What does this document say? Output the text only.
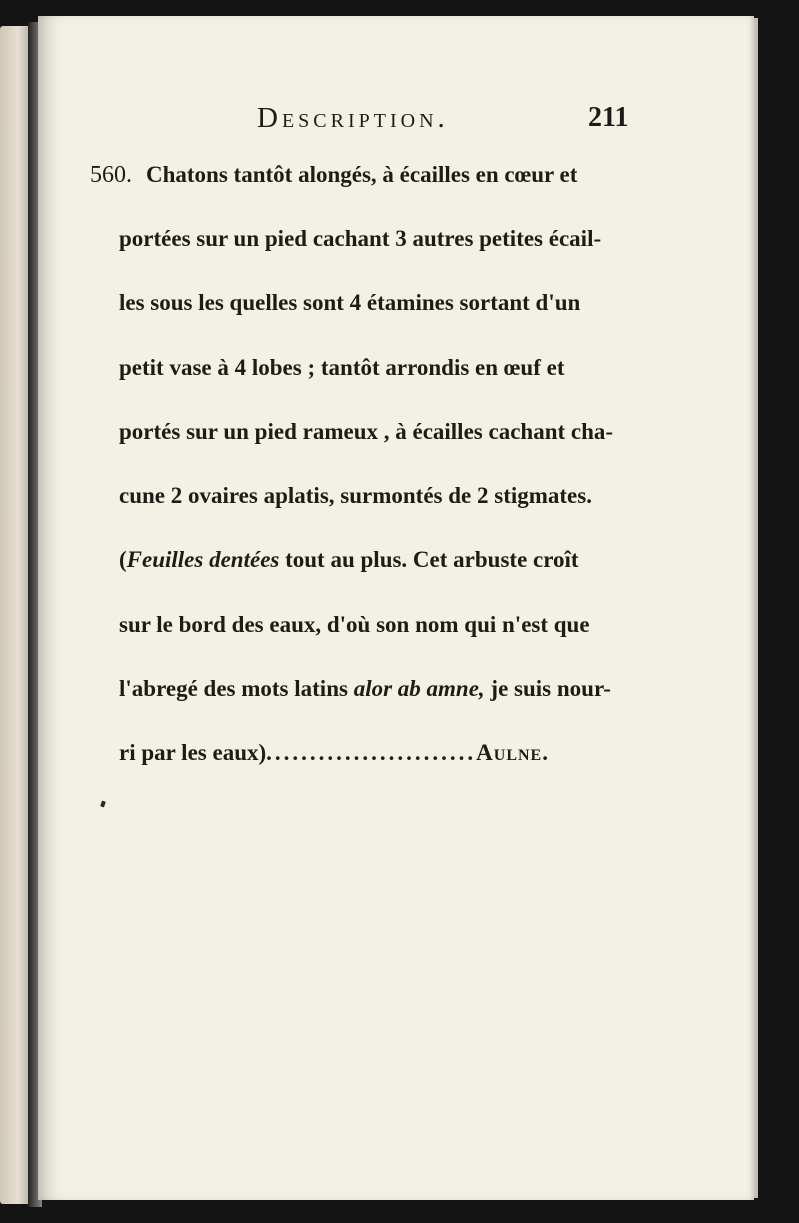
Description.	211
560. Chatons tantôt alongés, à écailles en cœur et
portées sur un pied cachant 3 autres petites écail-
les sous les quelles sont 4 étamines sortant d'un
petit vase à 4 lobes ; tantôt arrondis en œuf et
portés sur un pied rameux , à écailles cachant cha-
cune 2 ovaires aplatis, surmontés de 2 stigmates.
(Feuilles dentées tout au plus. Cet arbuste croît
sur le bord des eaux, d'où son nom qui n'est que
l'abregé des mots latins alor ab amne, je suis nour-
ri par les eaux)........................Aulne.
